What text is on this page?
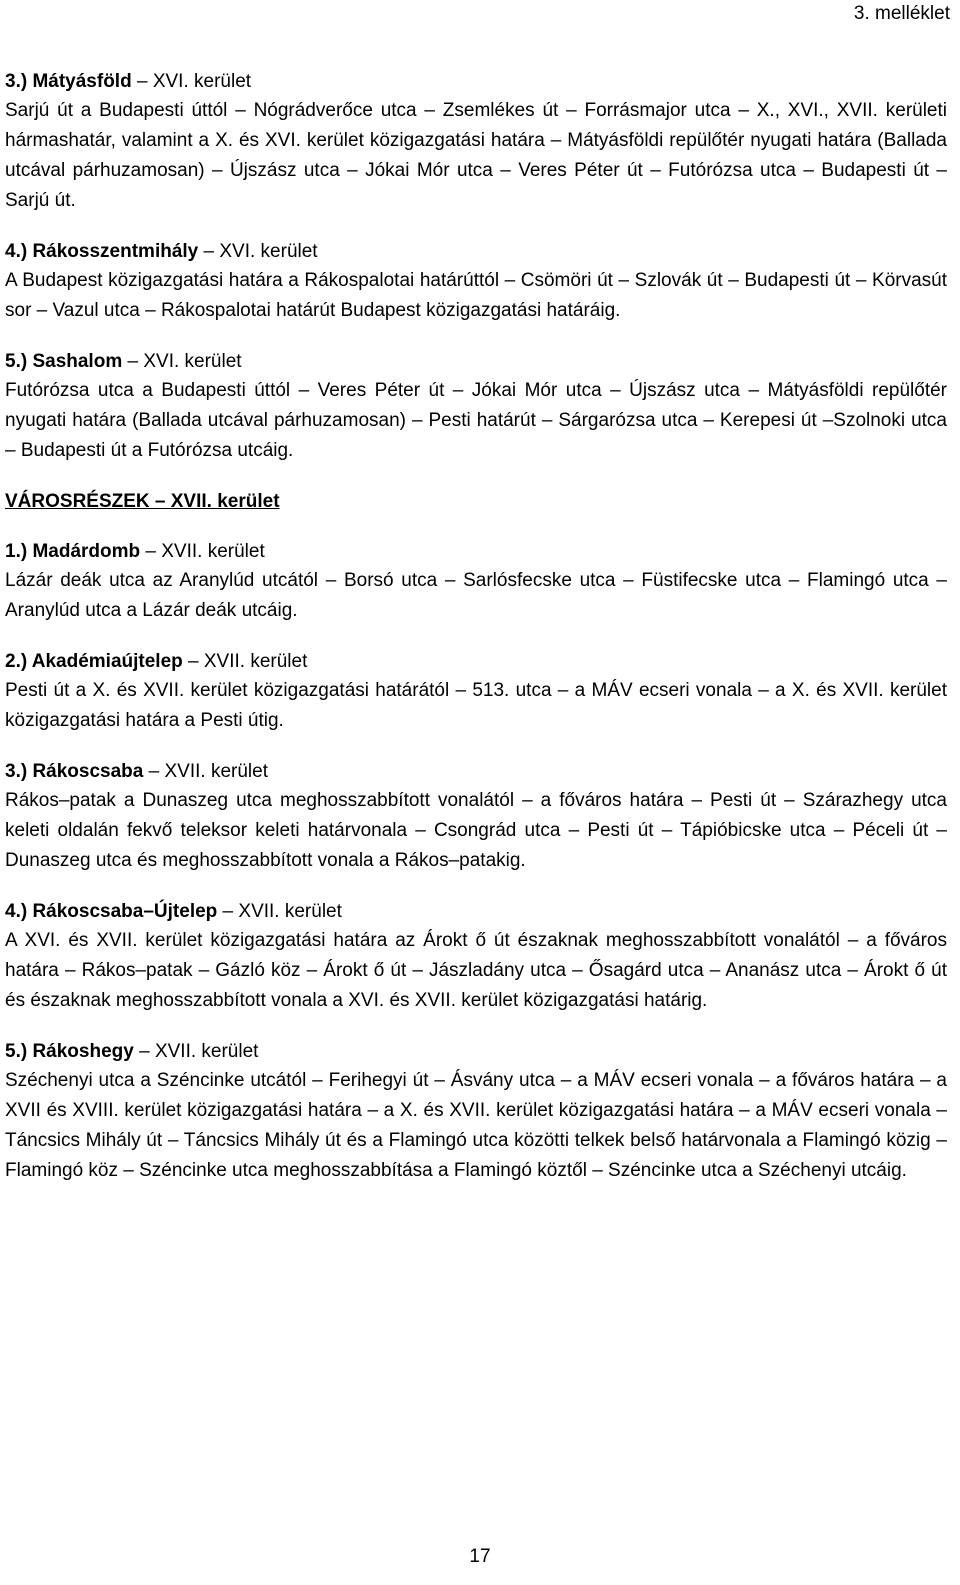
3. melléklet

3.) Mátyásföld – XVI. kerület

Sarjú út a Budapesti úttól – Nógrádverőce utca – Zsemlékes út – Forrásmajor utca – X., XVI., XVII. kerületi hármashatár, valamint a X. és XVI. kerület közigazgatási határa – Mátyásföldi repülőtér nyugati határa (Ballada utcával párhuzamosan) – Újszász utca – Jókai Mór utca – Veres Péter út – Futórózsa utca – Budapesti út – Sarjú út.

4.) Rákosszentmihály – XVI. kerület

A Budapest közigazgatási határa a Rákospalotai határúttól – Csömöri út – Szlovák út – Budapesti út – Körvasút sor – Vazul utca – Rákospalotai határút Budapest közigazgatási határáig.

5.) Sashalom – XVI. kerület

Futórózsa utca a Budapesti úttól – Veres Péter út – Jókai Mór utca – Újszász utca – Mátyásföldi repülőtér nyugati határa (Ballada utcával párhuzamosan) – Pesti határút – Sárgarózsa utca – Kerepesi út –Szolnoki utca – Budapesti út a Futórózsa utcáig.

VÁROSRÉSZEK – XVII. kerület

1.) Madárdomb – XVII. kerület

Lázár deák utca az Aranylúd utcától – Borsó utca – Sarlósfecske utca – Füstifecske utca – Flamingó utca – Aranylúd utca a Lázár deák utcáig.

2.) Akadémiaújtelep – XVII. kerület

Pesti út a X. és XVII. kerület közigazgatási határától – 513. utca – a MÁV ecseri vonala – a X. és XVII. kerület közigazgatási határa a Pesti útig.

3.) Rákoscsaba – XVII. kerület

Rákos–patak a Dunaszeg utca meghosszabbított vonalától – a főváros határa – Pesti út – Szárazhegy utca keleti oldalán fekvő teleksor keleti határvonala – Csongrád utca – Pesti út – Tápióbicske utca – Péceli út – Dunaszeg utca és meghosszabbított vonala a Rákos–patakig.

4.) Rákoscsaba–Újtelep – XVII. kerület

A XVI. és XVII. kerület közigazgatási határa az Árokt ő út északnak meghosszabbított vonalától – a főváros határa – Rákos–patak – Gázló köz – Árokt ő út – Jászladány utca – Ősagárd utca – Ananász utca – Árokt ő út és északnak meghosszabbított vonala a XVI. és XVII. kerület közigazgatási határig.

5.) Rákoshegy – XVII. kerület

Széchenyi utca a Széncinke utcától – Ferihegyi út – Ásvány utca – a MÁV ecseri vonala – a főváros határa – a XVII és XVIII. kerület közigazgatási határa – a X. és XVII. kerület közigazgatási határa – a MÁV ecseri vonala – Táncsics Mihály út – Táncsics Mihály út és a Flamingó utca közötti telkek belső határvonala a Flamingó közig – Flamingó köz – Széncinke utca meghosszabbítása a Flamingó köztől – Széncinke utca a Széchenyi utcáig.

17
